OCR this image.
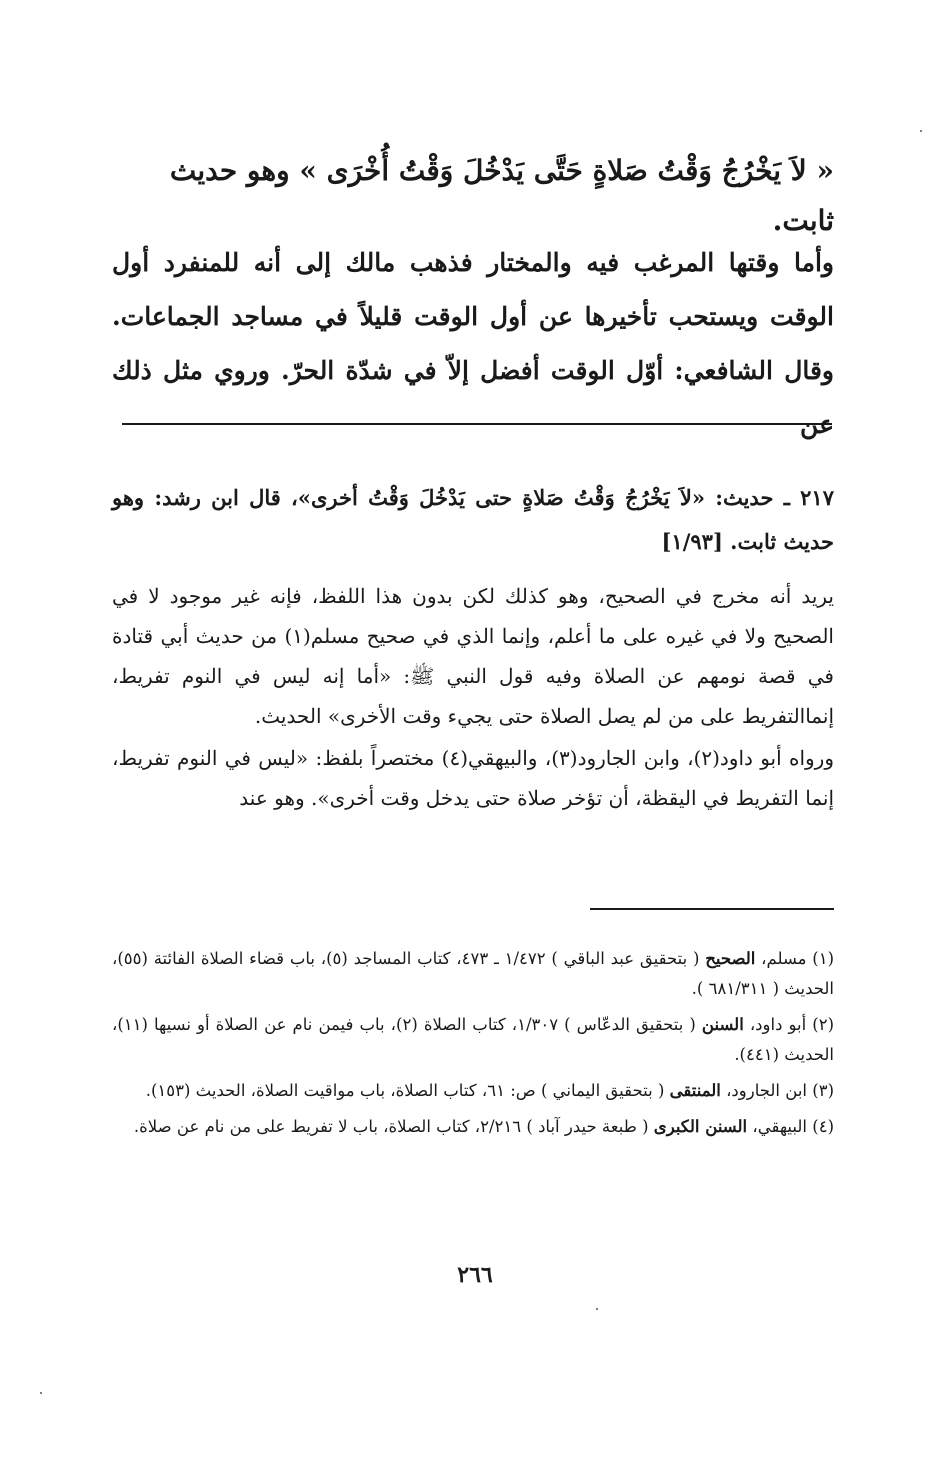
« لاَ يَخْرُجُ وَقْتُ صَلاةٍ حَتَّى يَدْخُلَ وَقْتُ أُخْرَى » وهو حديث ثابت.
وأما وقتها المرغب فيه والمختار فذهب مالك إلى أنه للمنفرد أول الوقت ويستحب تأخيرها عن أول الوقت قليلاً في مساجد الجماعات. وقال الشافعي: أوّل الوقت أفضل إلاّ في شدّة الحرّ. وروي مثل ذلك عن
٢١٧ ـ حديث: «لاَ يَخْرُجُ وَقْتُ صَلاةٍ حتى يَدْخُلَ وَقْتُ أخرى»، قال ابن رشد: وهو حديث ثابت. [١/٩٣]
يريد أنه مخرج في الصحيح، وهو كذلك لكن بدون هذا اللفظ، فإنه غير موجود لا في الصحيح ولا في غيره على ما أعلم، وإنما الذي في صحيح مسلم(١) من حديث أبي قتادة في قصة نومهم عن الصلاة وفيه قول النبي ﷺ: «أما إنه ليس في النوم تفريط، إنماالتفريط على من لم يصل الصلاة حتى يجيء وقت الأخرى» الحديث.
ورواه أبو داود(٢)، وابن الجارود(٣)، والبيهقي(٤) مختصراً بلفظ: «ليس في النوم تفريط، إنما التفريط في اليقظة، أن تؤخر صلاة حتى يدخل وقت أخرى». وهو عند

(١) مسلم، الصحيح ( بتحقيق عبد الباقي ) ١/٤٧٢ ـ ٤٧٣، كتاب المساجد (٥)، باب قضاء الصلاة الفائتة (٥٥)، الحديث ( ٦٨١/٣١١ ).

(٢) أبو داود، السنن ( بتحقيق الدعّاس ) ١/٣٠٧، كتاب الصلاة (٢)، باب فيمن نام عن الصلاة أو نسيها (١١)، الحديث (٤٤١).

(٣) ابن الجارود، المنتقى ( بتحقيق اليماني ) ص: ٦١، كتاب الصلاة، باب مواقيت الصلاة، الحديث (١٥٣).

(٤) البيهقي، السنن الكبرى ( طبعة حيدر آباد ) ٢/٢١٦، كتاب الصلاة، باب لا تفريط على من نام عن صلاة.

٢٦٦
